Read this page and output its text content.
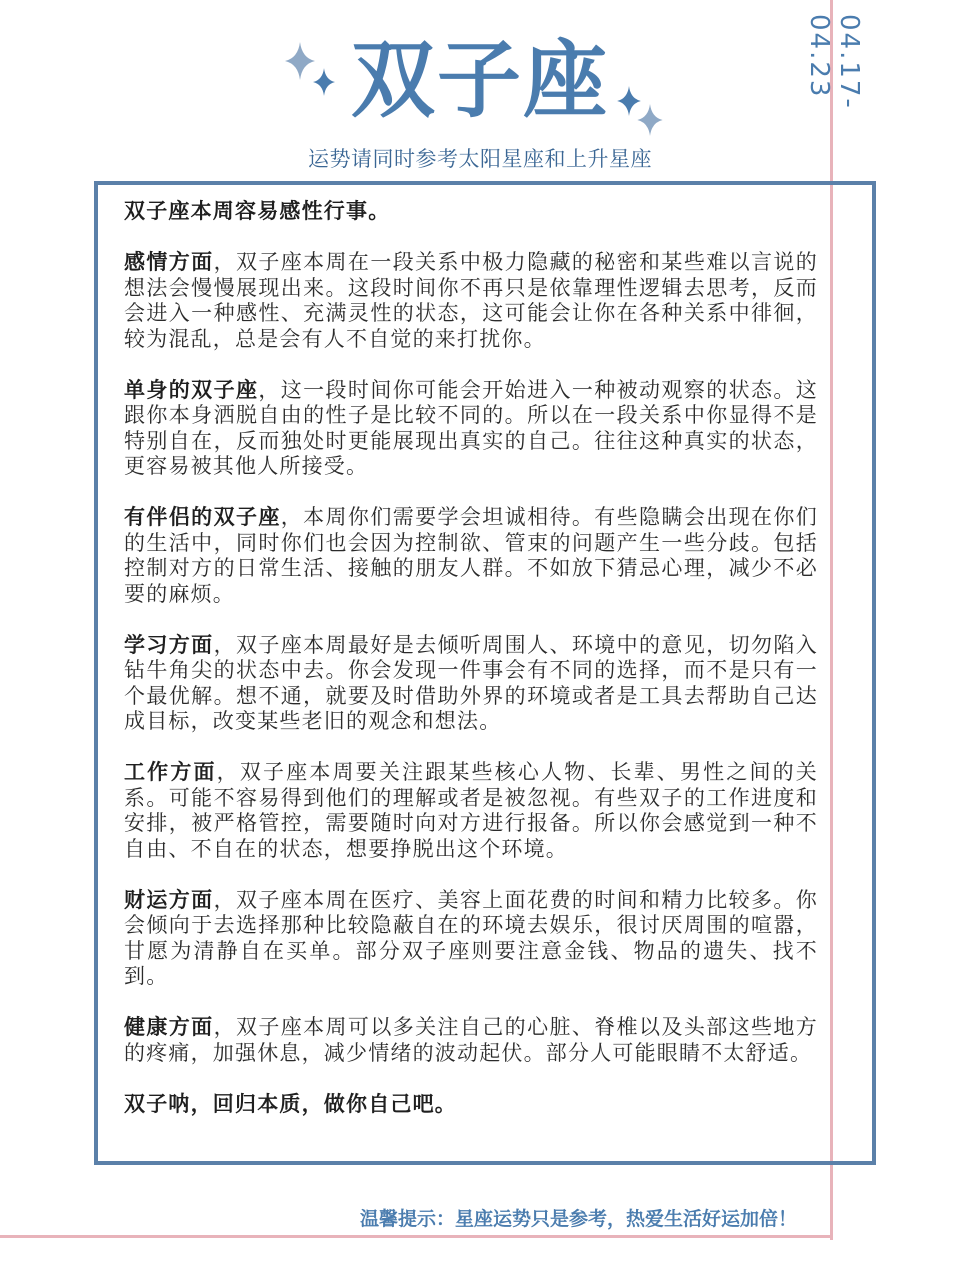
双子座
运势请同时参考太阳星座和上升星座
04.17-04.23

双子座本周容易感性行事。

感情方面，双子座本周在一段关系中极力隐藏的秘密和某些难以言说的想法会慢慢展现出来。这段时间你不再只是依靠理性逻辑去思考，反而会进入一种感性、充满灵性的状态，这可能会让你在各种关系中徘徊，较为混乱，总是会有人不自觉的来打扰你。

单身的双子座，这一段时间你可能会开始进入一种被动观察的状态。这跟你本身洒脱自由的性子是比较不同的。所以在一段关系中你显得不是特别自在，反而独处时更能展现出真实的自己。往往这种真实的状态，更容易被其他人所接受。

有伴侣的双子座，本周你们需要学会坦诚相待。有些隐瞒会出现在你们的生活中，同时你们也会因为控制欲、管束的问题产生一些分歧。包括控制对方的日常生活、接触的朋友人群。不如放下猜忌心理，减少不必要的麻烦。

学习方面，双子座本周最好是去倾听周围人、环境中的意见，切勿陷入钻牛角尖的状态中去。你会发现一件事会有不同的选择，而不是只有一个最优解。想不通，就要及时借助外界的环境或者是工具去帮助自己达成目标，改变某些老旧的观念和想法。

工作方面，双子座本周要关注跟某些核心人物、长辈、男性之间的关系。可能不容易得到他们的理解或者是被忽视。有些双子的工作进度和安排，被严格管控，需要随时向对方进行报备。所以你会感觉到一种不自由、不自在的状态，想要挣脱出这个环境。

财运方面，双子座本周在医疗、美容上面花费的时间和精力比较多。你会倾向于去选择那种比较隐蔽自在的环境去娱乐，很讨厌周围的喧嚣，甘愿为清静自在买单。部分双子座则要注意金钱、物品的遗失、找不到。

健康方面，双子座本周可以多关注自己的心脏、脊椎以及头部这些地方的疼痛，加强休息，减少情绪的波动起伏。部分人可能眼睛不太舒适。

双子呐，回归本质，做你自己吧。

温馨提示：星座运势只是参考，热爱生活好运加倍！
